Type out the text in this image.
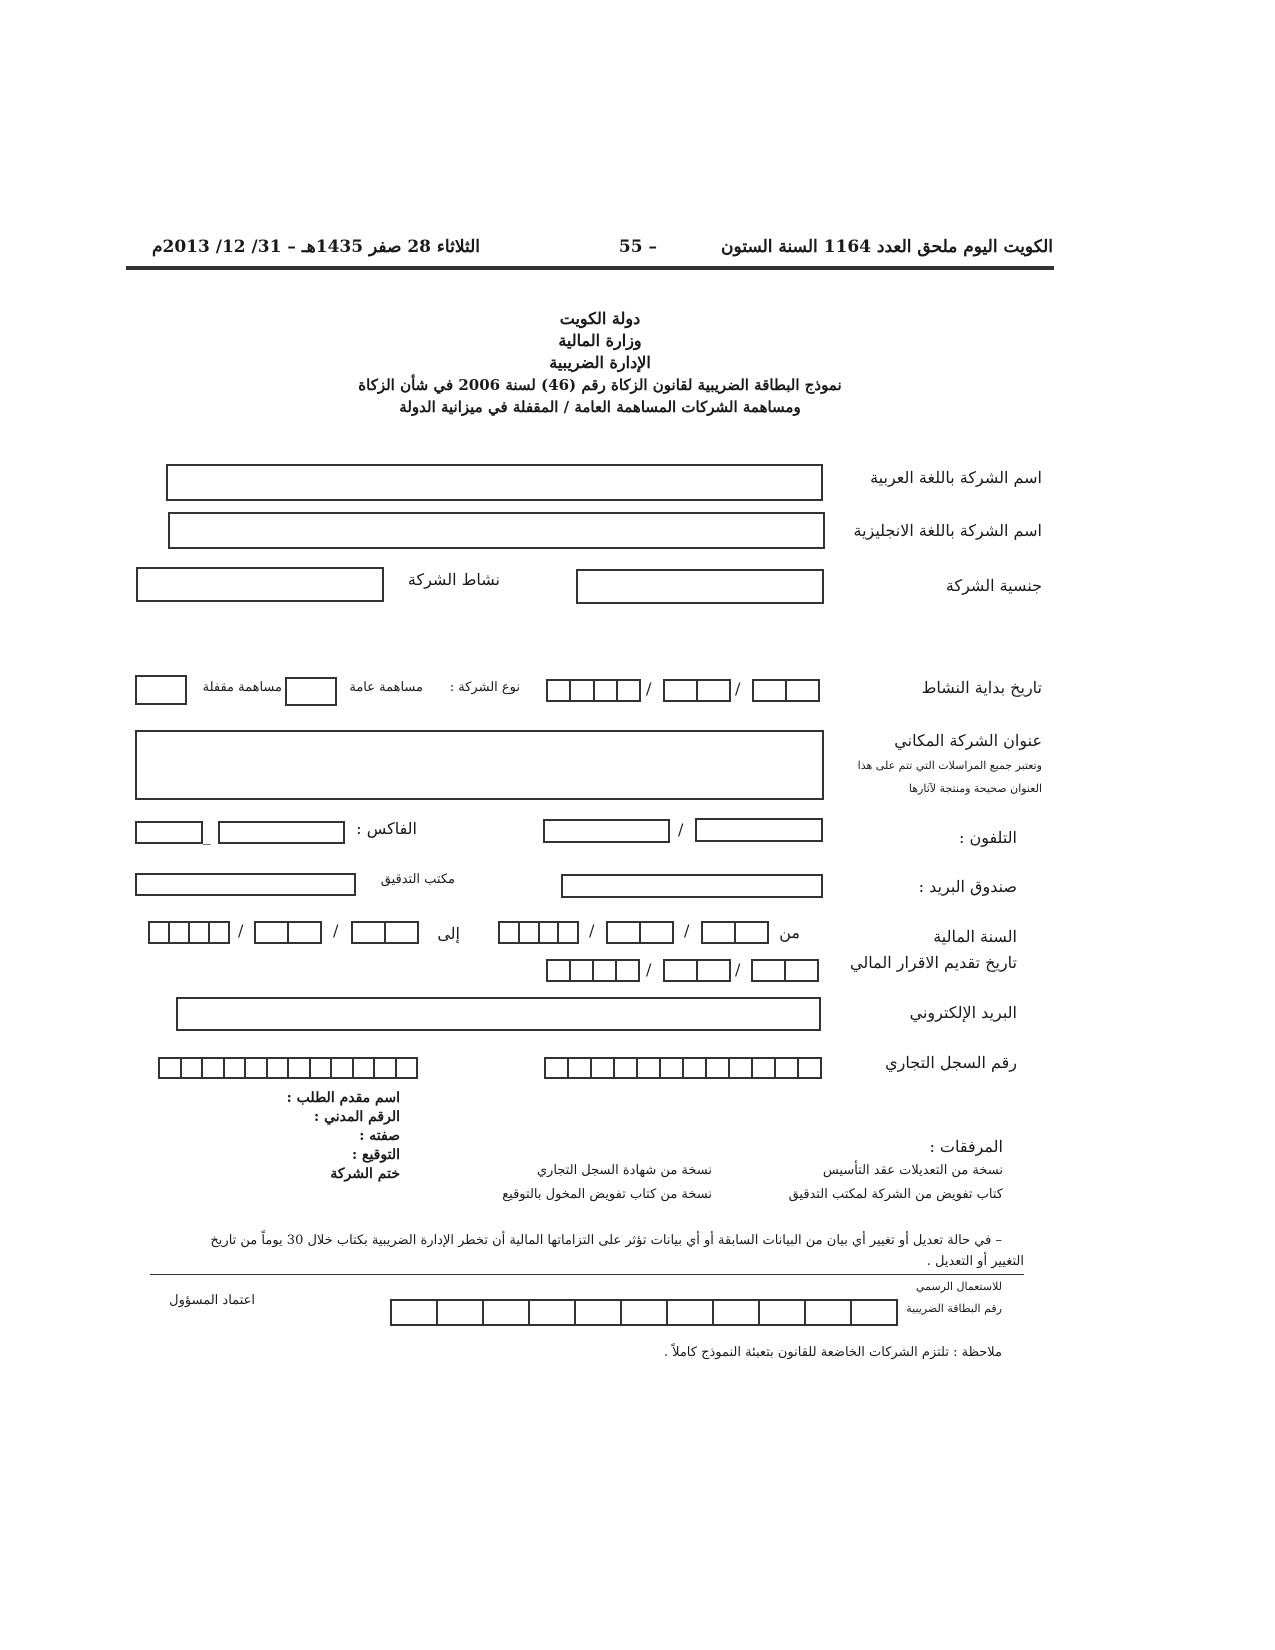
الكويت اليوم ملحق العدد 1164 السنة الستون
– 55
الثلاثاء 28 صفر 1435هـ – 31/ 12/ 2013م
دولة الكويت
وزارة المالية
الإدارة الضريبية
نموذج البطاقة الضريبية لقانون الزكاة رقم (46) لسنة 2006 في شأن الزكاة
ومساهمة الشركات المساهمة العامة / المقفلة في ميزانية الدولة
اسم الشركة باللغة العربية
اسم الشركة باللغة الانجليزية
جنسية الشركة
نشاط الشركة
تاريخ بداية النشاط
/
/
نوع الشركة :
مساهمة عامة
مساهمة مقفلة
عنوان الشركة المكاني
وتعتبر جميع المراسلات التي تتم على هذا
العنوان صحيحة ومنتجة لآثارها
التلفون :
/
الفاكس :
_
صندوق البريد :
مكتب التدقيق
السنة المالية
من
/
/
إلى
/
/
تاريخ تقديم الاقرار المالي
/
/
البريد الإلكتروني
رقم السجل التجاري
اسم مقدم الطلب :
الرقم المدني :
صفته :
التوقيع :
ختم الشركة
المرفقات :
نسخة من التعديلات عقد التأسيس
نسخة من شهادة السجل التجاري
كتاب تفويض من الشركة لمكتب التدقيق
نسخة من كتاب تفويض المخول بالتوقيع
– في حالة تعديل أو تغيير أي بيان من البيانات السابقة أو أي بيانات تؤثر على التزاماتها المالية أن تخطر الإدارة الضريبية بكتاب خلال 30 يوماً من تاريخ
التغيير أو التعديل .
للاستعمال الرسمي
رقم البطاقة الضريبية
اعتماد المسؤول
ملاحظة : تلتزم الشركات الخاضعة للقانون بتعبئة النموذج كاملاً .
